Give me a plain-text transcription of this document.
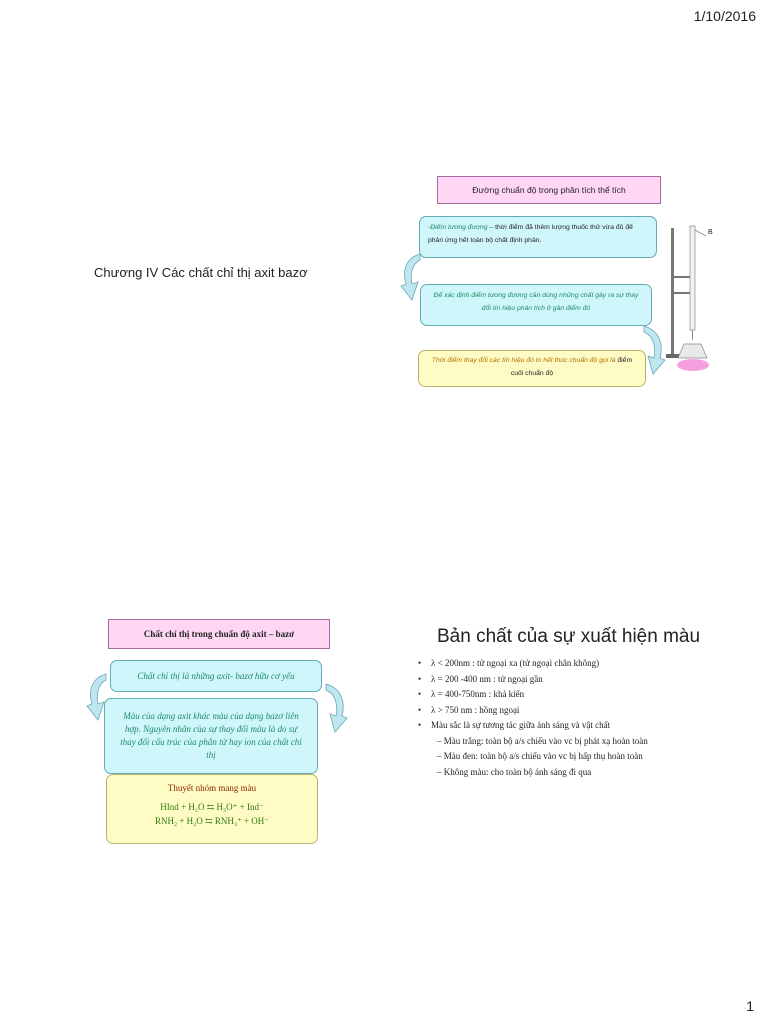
1/10/2016
Chương IV Các chất chỉ thị axit bazơ
Đường chuẩn độ trong phân tích thể tích
-Điểm tương đương – thời điểm đã thêm lượng thuốc thử vừa đủ để phản ứng hết toàn bộ chất định phân.
Để xác định điểm tương đương cần dùng những chất gây ra sự thay đổi tín hiệu phân tích ở gần điểm đó
Thời điểm thay đổi các tín hiệu đó to hết thúc chuẩn độ gọi là điểm cuối chuẩn độ
B
Chất chỉ thị trong chuẩn độ axit – bazơ
Chất chỉ thị là những axit- bazơ hữu cơ yếu
Màu của dạng axit khác màu của dạng bazơ liên hợp. Nguyên nhân của sự thay đổi màu là do sự thay đổi cấu trúc của phân tử hay ion của chất chỉ thị
Thuyết nhóm mang màu
HInd + H₂O ⇆ H₃O⁺ + Ind⁻
RNH₂ + H₂O ⇆ RNH₃⁺ + OH⁻
Bản chất của sự xuất hiện màu
• λ < 200nm : tử ngoại xa (tử ngoại chân không)
• λ = 200 -400 nm : tử ngoại gần
• λ = 400-750nm : khả kiến
• λ > 750 nm : hồng ngoại
• Màu sắc là sự tương tác giữa ánh sáng và vật chất
– Màu trắng: toàn bộ a/s chiếu vào vc bị phát xạ hoàn toàn
– Màu đen: toàn bộ a/s chiếu vào vc bị hấp thụ hoàn toàn
– Không màu: cho toàn bộ ánh sáng đi qua
1
